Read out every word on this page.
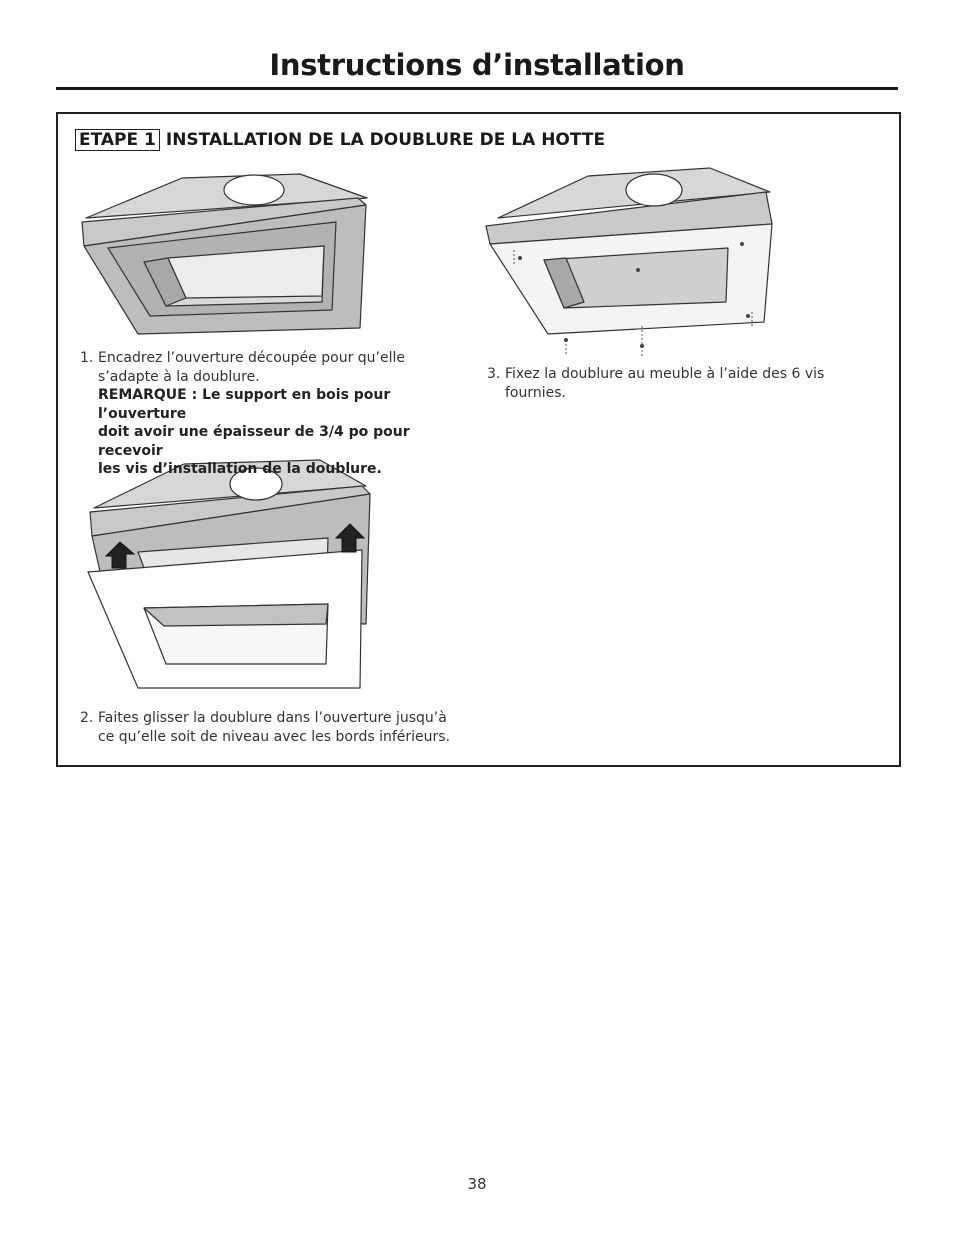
Instructions d’installation
ETAPE 1 INSTALLATION DE LA DOUBLURE DE LA HOTTE
1. Encadrez l’ouverture découpée pour qu’elle
s’adapte à la doublure.
REMARQUE : Le support en bois pour l’ouverture
doit avoir une épaisseur de 3/4 po pour recevoir
les vis d’installation de la doublure.
2. Faites glisser la doublure dans l’ouverture jusqu’à
ce qu’elle soit de niveau avec les bords inférieurs.
3. Fixez la doublure au meuble à l’aide des 6 vis
fournies.
38
